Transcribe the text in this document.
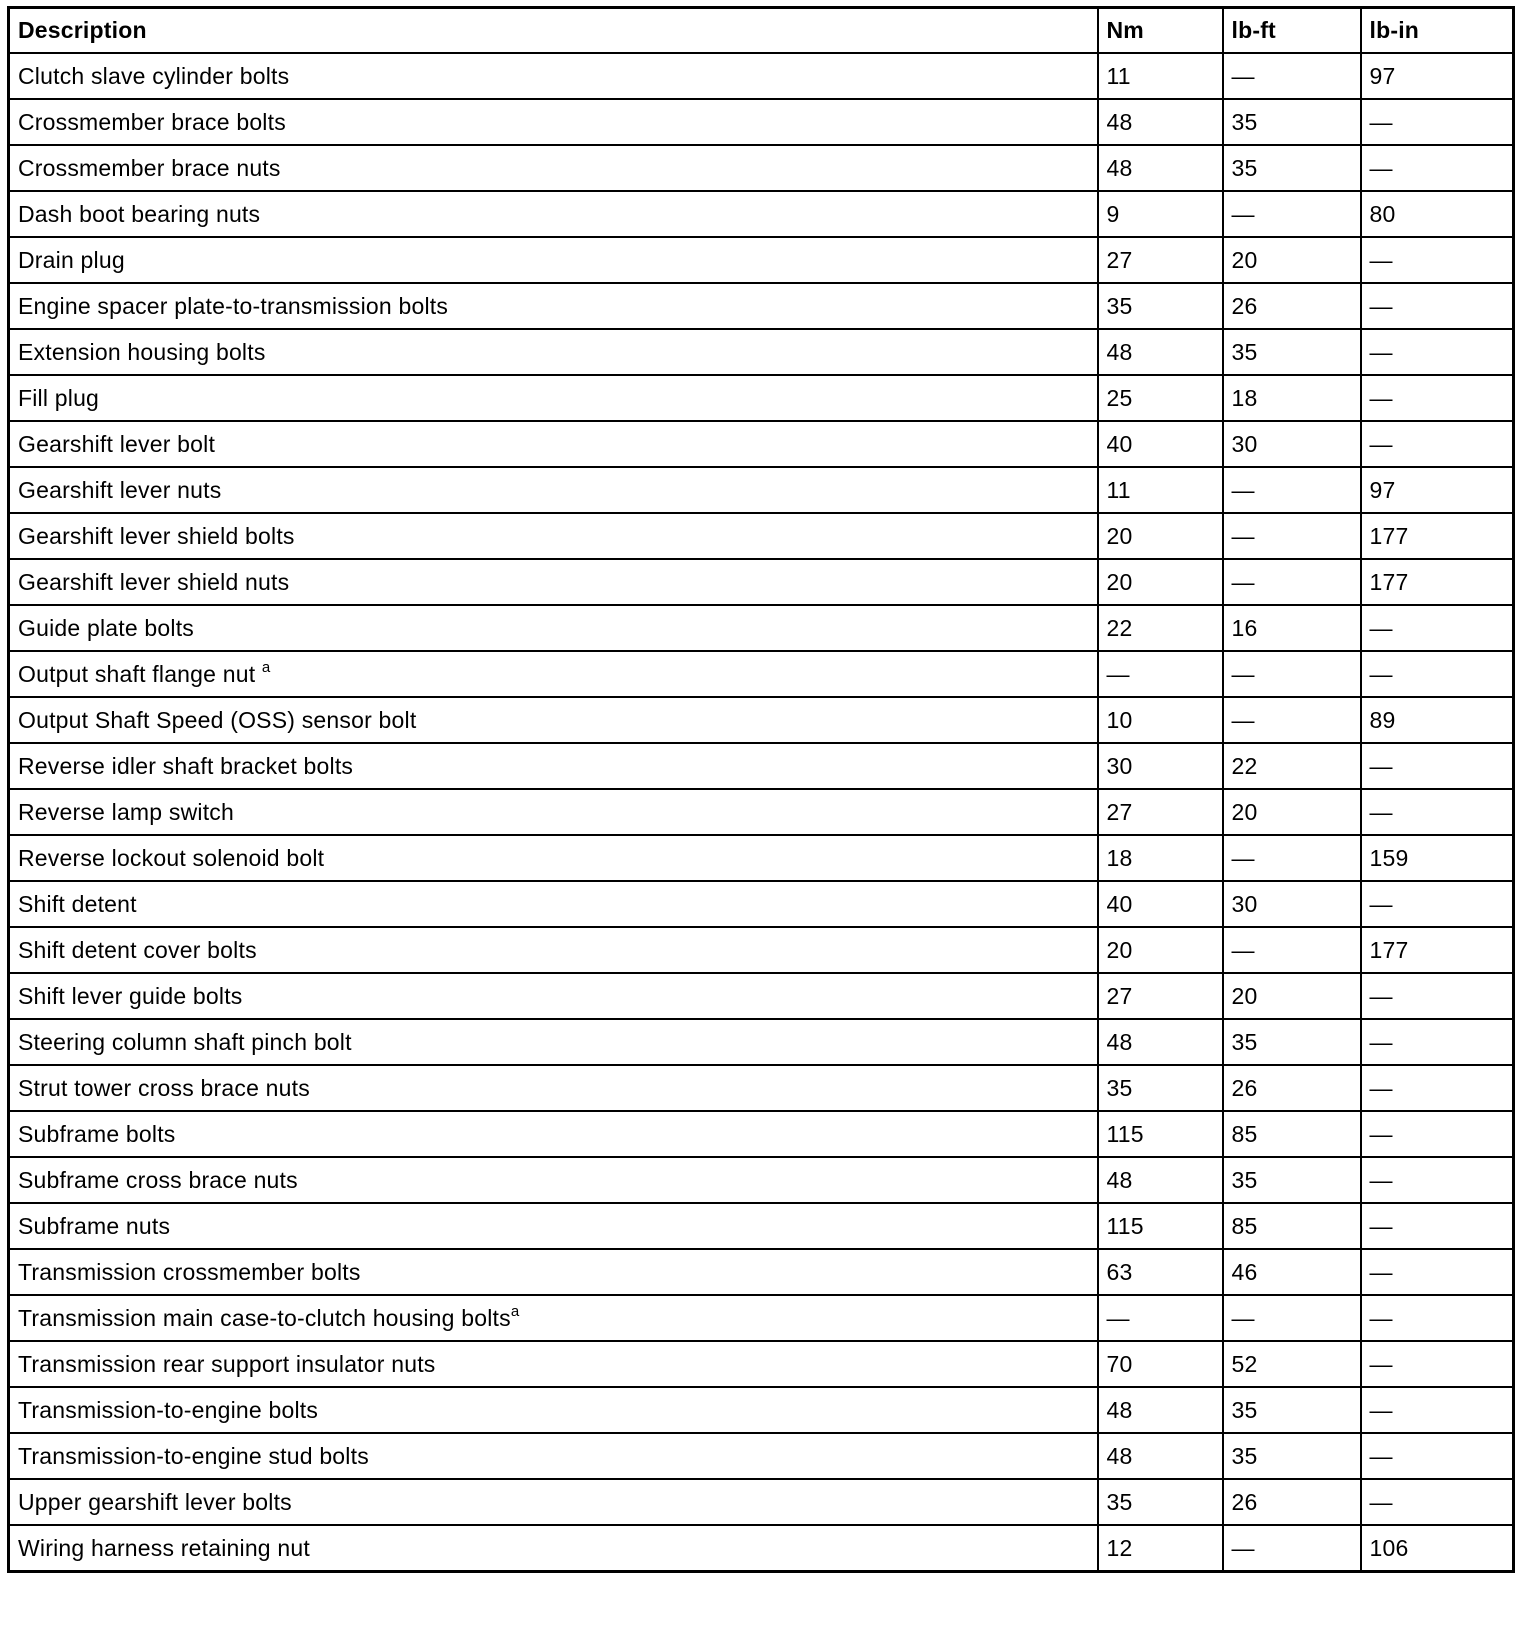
Description	Nm	lb-ft	lb-in
Clutch slave cylinder bolts	11	—	97
Crossmember brace bolts	48	35	—
Crossmember brace nuts	48	35	—
Dash boot bearing nuts	9	—	80
Drain plug	27	20	—
Engine spacer plate-to-transmission bolts	35	26	—
Extension housing bolts	48	35	—
Fill plug	25	18	—
Gearshift lever bolt	40	30	—
Gearshift lever nuts	11	—	97
Gearshift lever shield bolts	20	—	177
Gearshift lever shield nuts	20	—	177
Guide plate bolts	22	16	—
Output shaft flange nut $^a$	—	—	—
Output Shaft Speed (OSS) sensor bolt	10	—	89
Reverse idler shaft bracket bolts	30	22	—
Reverse lamp switch	27	20	—
Reverse lockout solenoid bolt	18	—	159
Shift detent	40	30	—
Shift detent cover bolts	20	—	177
Shift lever guide bolts	27	20	—
Steering column shaft pinch bolt	48	35	—
Strut tower cross brace nuts	35	26	—
Subframe bolts	115	85	—
Subframe cross brace nuts	48	35	—
Subframe nuts	115	85	—
Transmission crossmember bolts	63	46	—
Transmission main case-to-clutch housing bolts$^a$	—	—	—
Transmission rear support insulator nuts	70	52	—
Transmission-to-engine bolts	48	35	—
Transmission-to-engine stud bolts	48	35	—
Upper gearshift lever bolts	35	26	—
Wiring harness retaining nut	12	—	106
